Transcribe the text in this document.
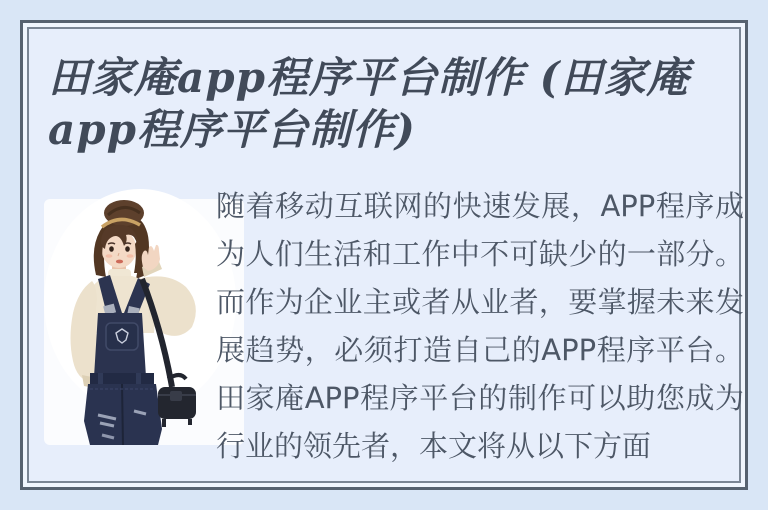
田家庵app程序平台制作 (田家庵app程序平台制作)

随着移动互联网的快速发展，APP程序成为人们生活和工作中不可缺少的一部分。而作为企业主或者从业者，要掌握未来发展趋势，必须打造自己的APP程序平台。田家庵APP程序平台的制作可以助您成为行业的领先者，本文将从以下方面
